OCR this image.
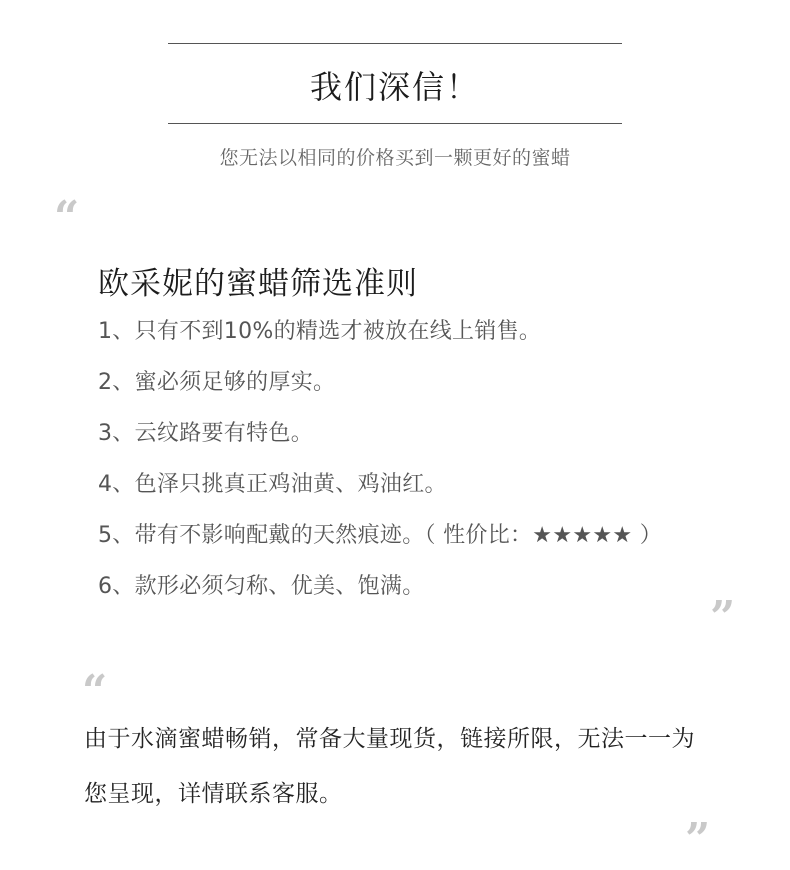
我们深信！
您无法以相同的价格买到一颗更好的蜜蜡
“
欧采妮的蜜蜡筛选准则
1、只有不到10%的精选才被放在线上销售。
2、蜜必须足够的厚实。
3、云纹路要有特色。
4、色泽只挑真正鸡油黄、鸡油红。
5、带有不影响配戴的天然痕迹。（ 性价比：★★★★★ ）
6、款形必须匀称、优美、饱满。
”
“
由于水滴蜜蜡畅销，常备大量现货，链接所限，无法一一为您呈现，详情联系客服。
”
